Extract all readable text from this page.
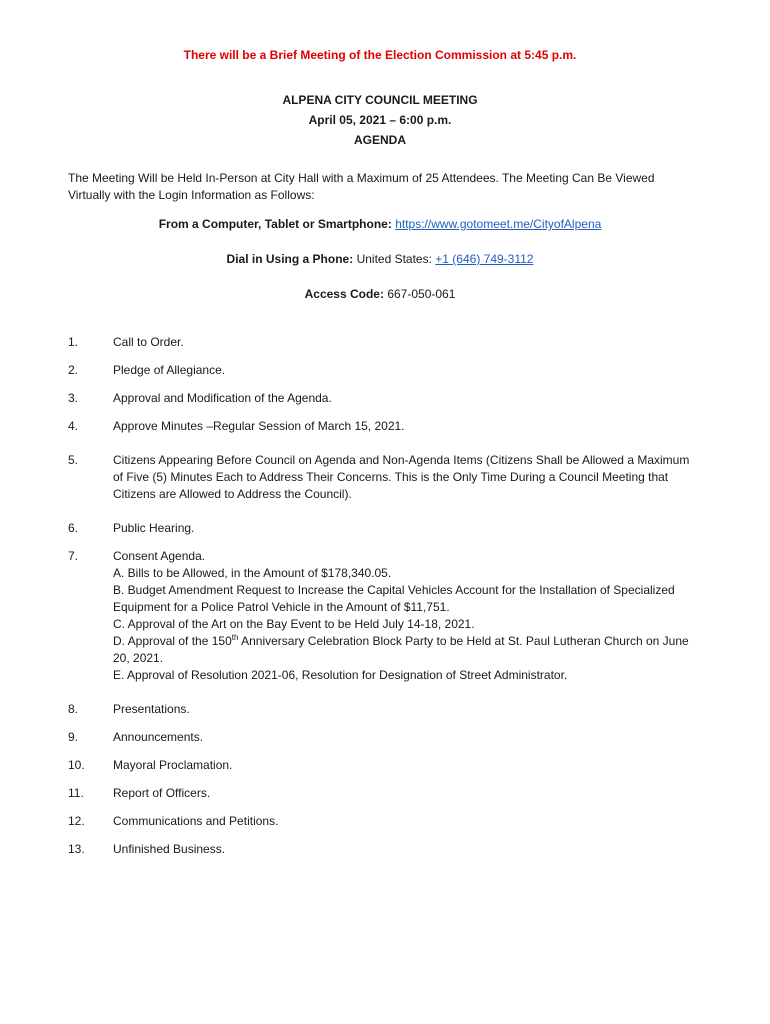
There will be a Brief Meeting of the Election Commission at 5:45 p.m.
ALPENA CITY COUNCIL MEETING
April 05, 2021 – 6:00 p.m.
AGENDA
The Meeting Will be Held In-Person at City Hall with a Maximum of 25 Attendees. The Meeting Can Be Viewed Virtually with the Login Information as Follows:
From a Computer, Tablet or Smartphone: https://www.gotomeet.me/CityofAlpena
Dial in Using a Phone: United States: +1 (646) 749-3112
Access Code: 667-050-061
1.	Call to Order.
2.	Pledge of Allegiance.
3.	Approval and Modification of the Agenda.
4.	Approve Minutes –Regular Session of March 15, 2021.
5.	Citizens Appearing Before Council on Agenda and Non-Agenda Items (Citizens Shall be Allowed a Maximum of Five (5) Minutes Each to Address Their Concerns. This is the Only Time During a Council Meeting that Citizens are Allowed to Address the Council).
6.	Public Hearing.
7.	Consent Agenda.
A. Bills to be Allowed, in the Amount of $178,340.05.
B. Budget Amendment Request to Increase the Capital Vehicles Account for the Installation of Specialized Equipment for a Police Patrol Vehicle in the Amount of $11,751.
C. Approval of the Art on the Bay Event to be Held July 14-18, 2021.
D. Approval of the 150th Anniversary Celebration Block Party to be Held at St. Paul Lutheran Church on June 20, 2021.
E. Approval of Resolution 2021-06, Resolution for Designation of Street Administrator.
8.	Presentations.
9.	Announcements.
10.	Mayoral Proclamation.
11.	Report of Officers.
12.	Communications and Petitions.
13.	Unfinished Business.
